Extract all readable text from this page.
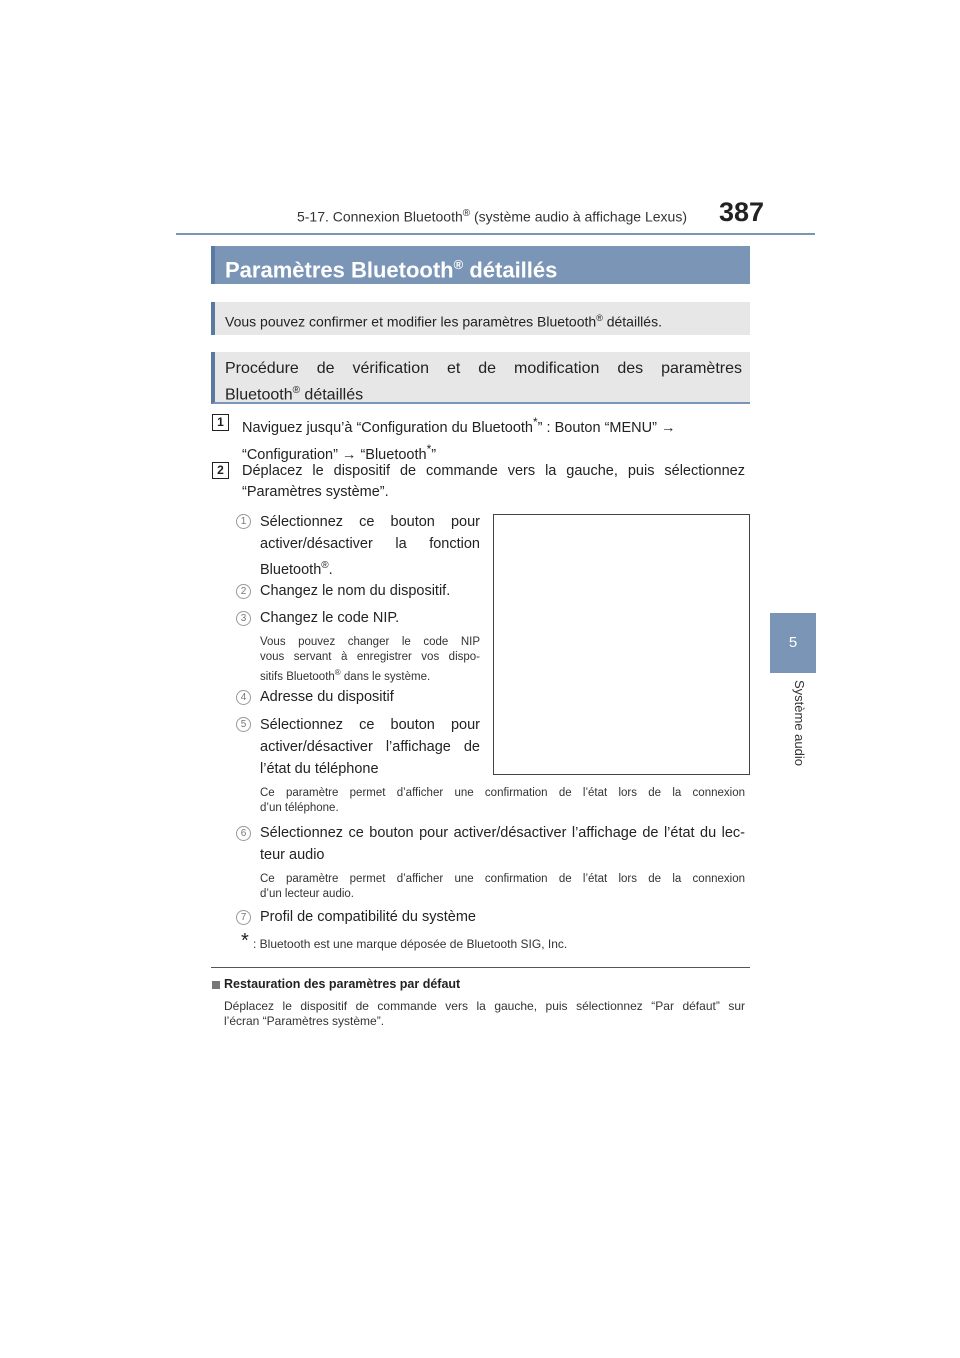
5-17. Connexion Bluetooth® (système audio à affichage Lexus) 387
5
Système audio
Paramètres Bluetooth® détaillés
Vous pouvez confirmer et modifier les paramètres Bluetooth® détaillés.
Procédure de vérification et de modification des paramètres
Bluetooth® détaillés
1	Naviguez jusqu’à “Configuration du Bluetooth*” : Bouton “MENU” →
“Configuration” → “Bluetooth*”
2	Déplacez le dispositif de commande vers la gauche, puis sélectionnez
“Paramètres système”.
1 Sélectionnez ce bouton pour
activer/désactiver la fonction
Bluetooth®.
2 Changez le nom du dispositif.
3 Changez le code NIP.
Vous pouvez changer le code NIP
vous servant à enregistrer vos dispo-
sitifs Bluetooth® dans le système.
4 Adresse du dispositif
5 Sélectionnez ce bouton pour
activer/désactiver l’affichage de
l’état du téléphone
Ce paramètre permet d’afficher une confirmation de l’état lors de la connexion
d’un téléphone.
6 Sélectionnez ce bouton pour activer/désactiver l’affichage de l’état du lec-
teur audio
Ce paramètre permet d’afficher une confirmation de l’état lors de la connexion
d’un lecteur audio.
7 Profil de compatibilité du système
* : Bluetooth est une marque déposée de Bluetooth SIG, Inc.
Restauration des paramètres par défaut
Déplacez le dispositif de commande vers la gauche, puis sélectionnez “Par défaut” sur
l’écran “Paramètres système”.
